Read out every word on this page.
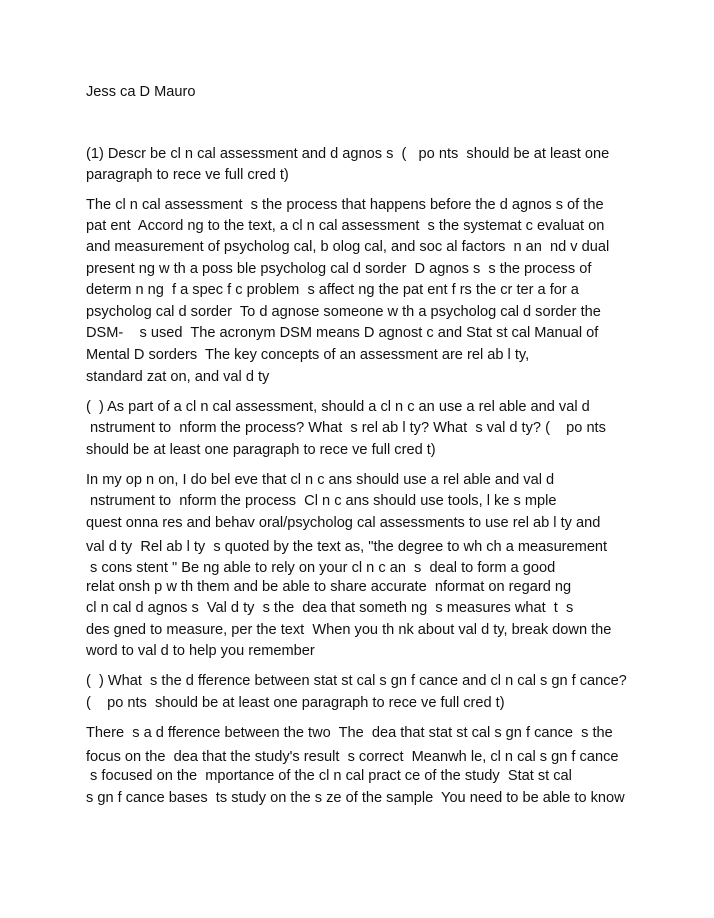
Jess ca D Mauro
(1) Descr be cl n cal assessment and d agnos s  (   po nts  should be at least one
paragraph to rece ve full cred t)
The cl n cal assessment  s the process that happens before the d agnos s of the
pat ent  Accord ng to the text, a cl n cal assessment  s the systemat c evaluat on
and measurement of psycholog cal, b olog cal, and soc al factors  n an  nd v dual
present ng w th a poss ble psycholog cal d sorder  D agnos s  s the process of
determ n ng  f a spec f c problem  s affect ng the pat ent f rs the cr ter a for a
psycholog cal d sorder  To d agnose someone w th a psycholog cal d sorder the
DSM-    s used  The acronym DSM means D agnost c and Stat st cal Manual of
Mental D sorders  The key concepts of an assessment are rel ab l ty,
standard zat on, and val d ty
(  ) As part of a cl n cal assessment, should a cl n c an use a rel able and val d
nstrument to  nform the process? What  s rel ab l ty? What  s val d ty? (    po nts
should be at least one paragraph to rece ve full cred t)
In my op n on, I do bel eve that cl n c ans should use a rel able and val d
nstrument to  nform the process  Cl n c ans should use tools, l ke s mple
quest onna res and behav oral/psycholog cal assessments to use rel ab l ty and
val d ty  Rel ab l ty  s quoted by the text as, "the degree to wh ch a measurement
s cons stent " Be ng able to rely on your cl n c an  s  deal to form a good
relat onsh p w th them and be able to share accurate  nformat on regard ng
cl n cal d agnos s  Val d ty  s the  dea that someth ng  s measures what  t  s
des gned to measure, per the text  When you th nk about val d ty, break down the
word to val d to help you remember
(  ) What  s the d fference between stat st cal s gn f cance and cl n cal s gn f cance?
(    po nts  should be at least one paragraph to rece ve full cred t)
There  s a d fference between the two  The  dea that stat st cal s gn f cance  s the
focus on the  dea that the study's result  s correct  Meanwh le, cl n cal s gn f cance
s focused on the  mportance of the cl n cal pract ce of the study  Stat st cal
s gn f cance bases  ts study on the s ze of the sample  You need to be able to know
